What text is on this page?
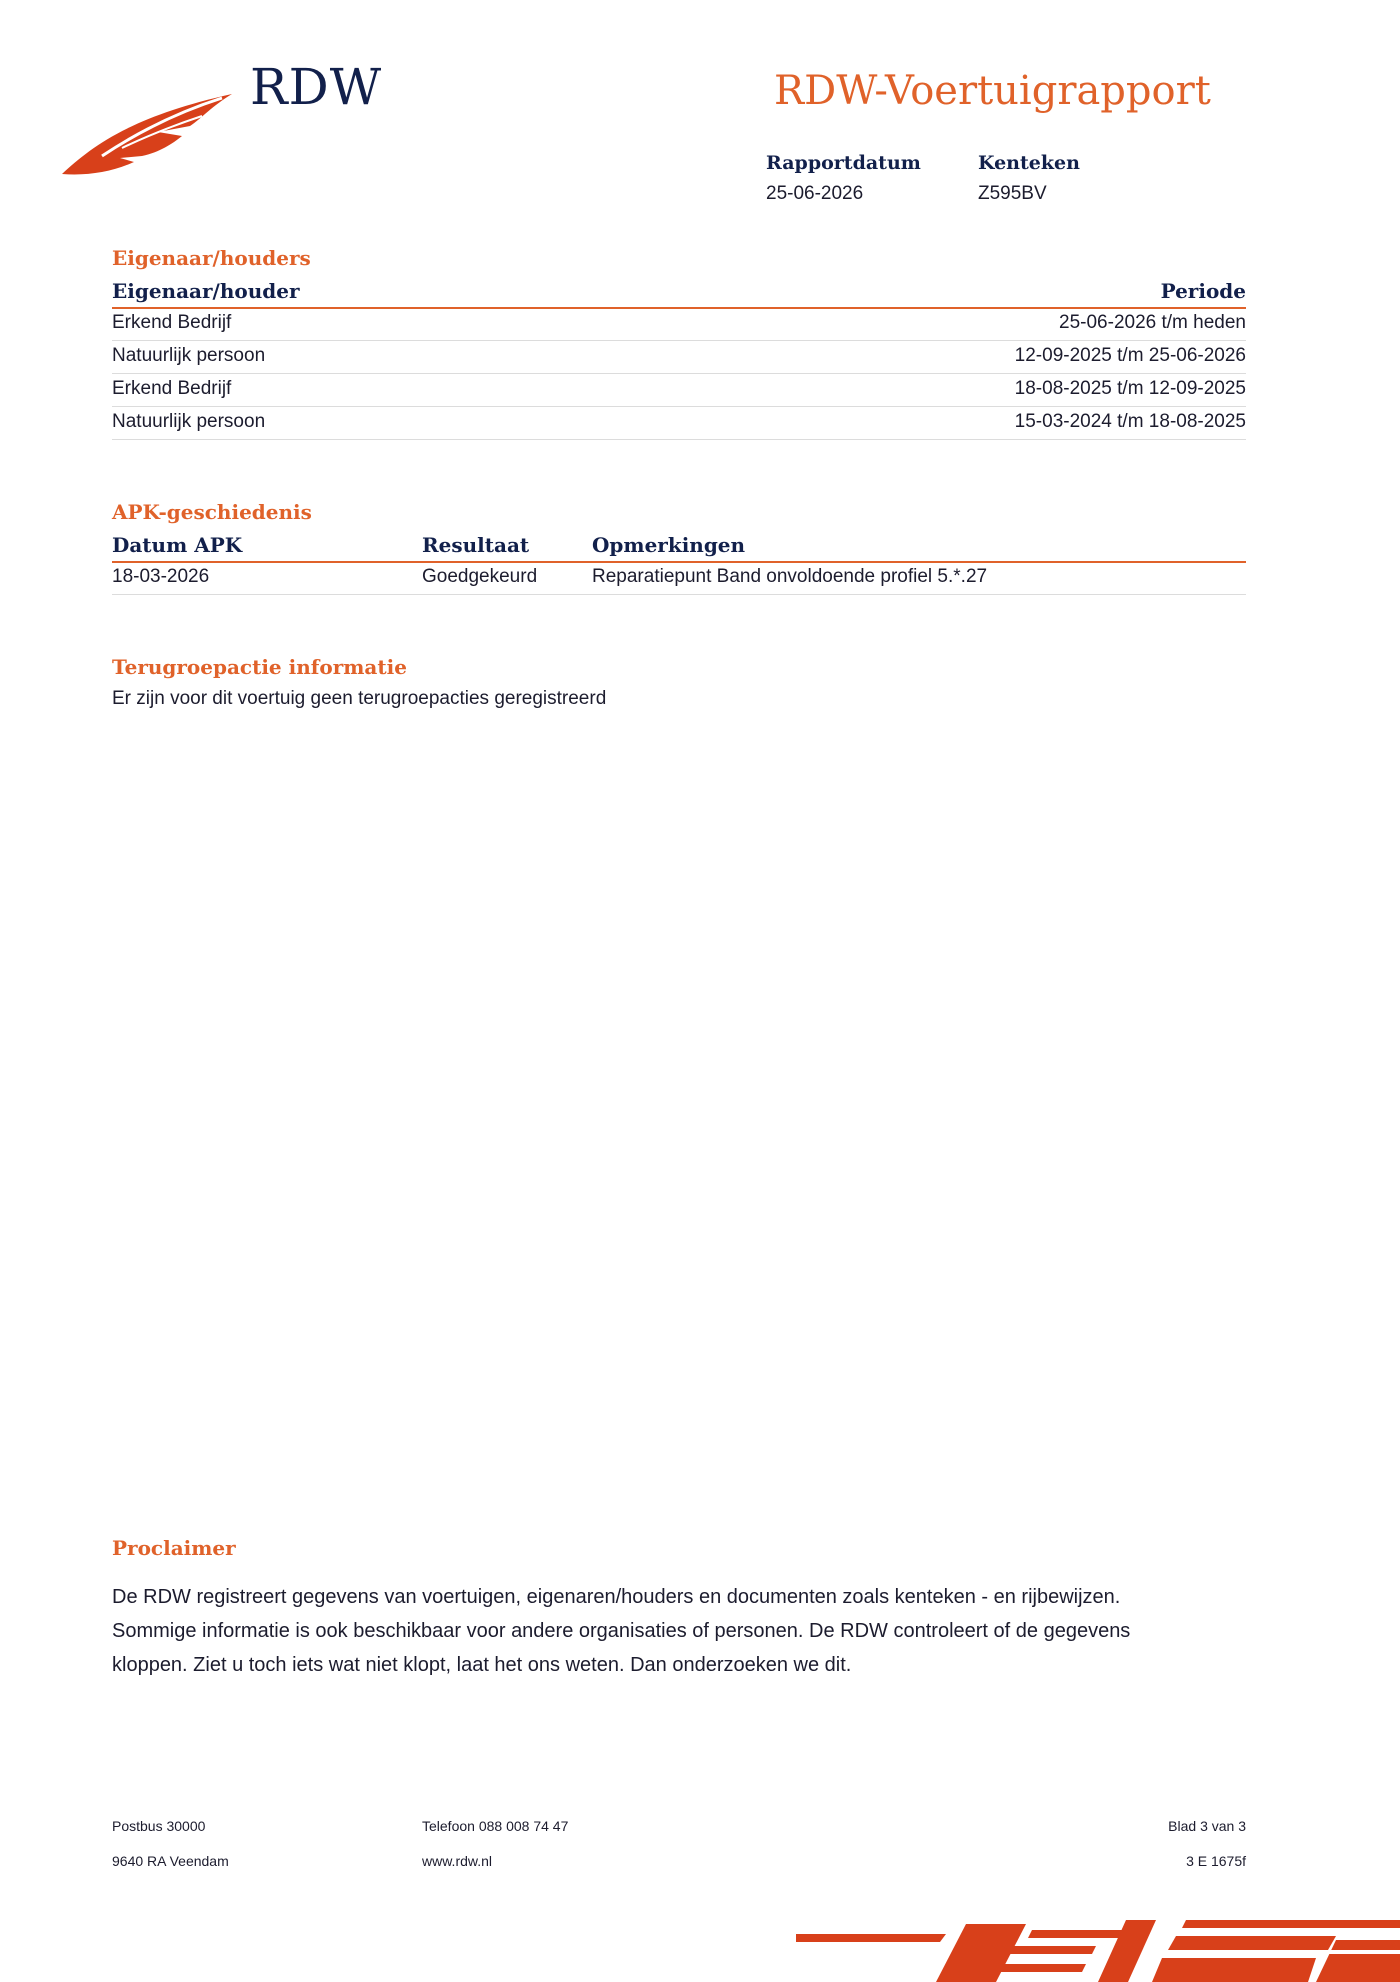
RDW	RDW-Voertuigrapport
Rapportdatum
25-06-2026
Kenteken
Z595BV
Eigenaar/houders
Eigenaar/houder	Periode
Erkend Bedrijf	25-06-2026 t/m heden
Natuurlijk persoon	12-09-2025 t/m 25-06-2026
Erkend Bedrijf	18-08-2025 t/m 12-09-2025
Natuurlijk persoon	15-03-2024 t/m 18-08-2025
APK-geschiedenis
Datum APK	Resultaat	Opmerkingen
18-03-2026	Goedgekeurd	Reparatiepunt Band onvoldoende profiel 5.*.27
Terugroepactie informatie
Er zijn voor dit voertuig geen terugroepacties geregistreerd
Proclaimer
De RDW registreert gegevens van voertuigen, eigenaren/houders en documenten zoals kenteken - en rijbewijzen.
Sommige informatie is ook beschikbaar voor andere organisaties of personen. De RDW controleert of de gegevens
kloppen. Ziet u toch iets wat niet klopt, laat het ons weten. Dan onderzoeken we dit.
Postbus 30000
9640 RA Veendam
Telefoon 088 008 74 47
www.rdw.nl
Blad 3 van 3
3 E 1675f
